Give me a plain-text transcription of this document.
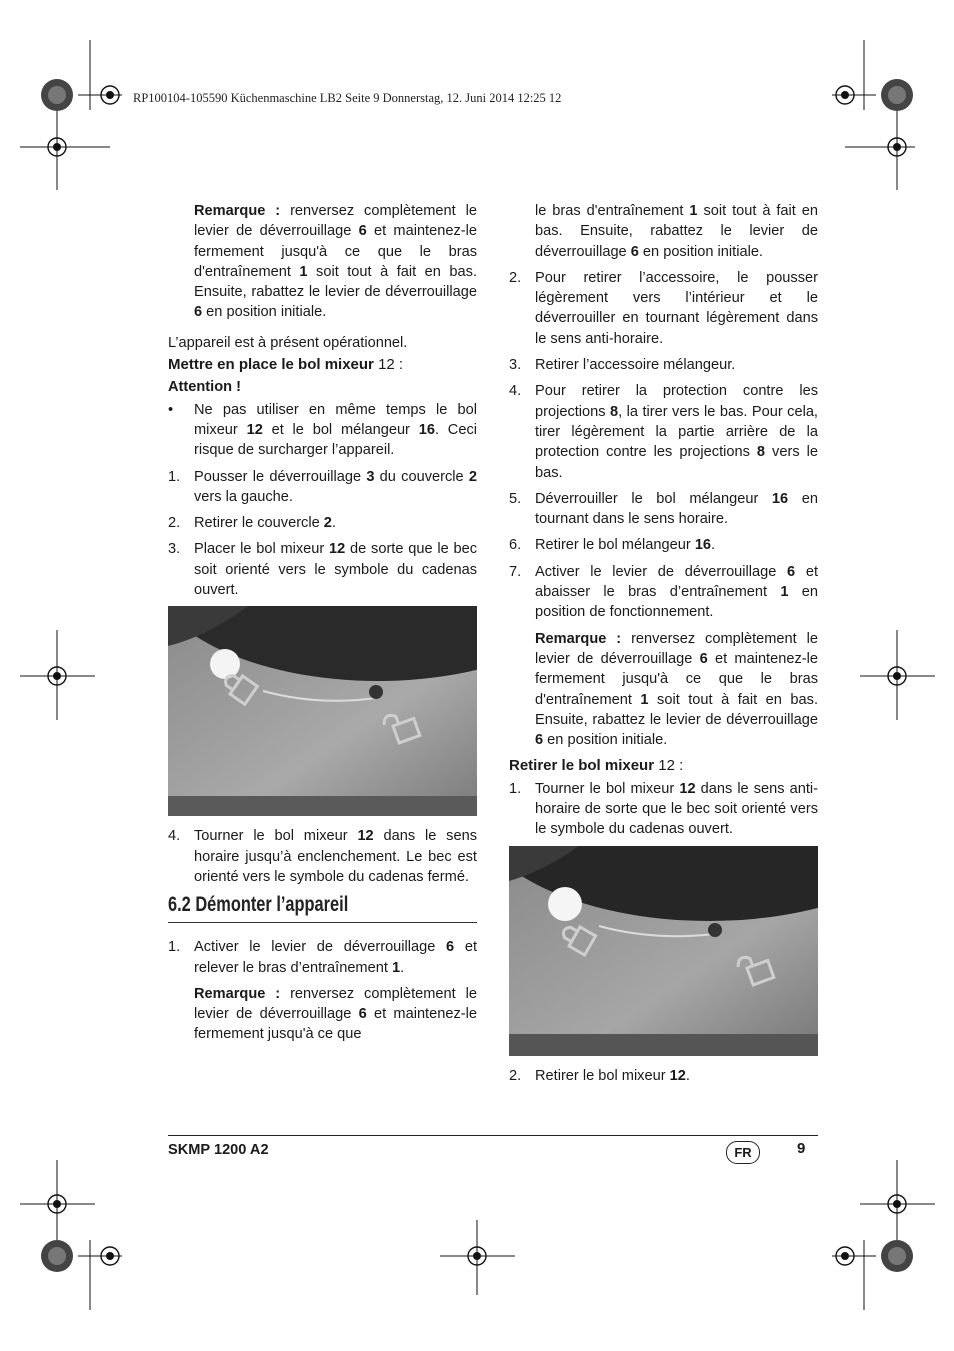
RP100104-105590 Küchenmaschine LB2 Seite 9 Donnerstag, 12. Juni 2014 12:25 12

Remarque : renversez complètement le levier de déverrouillage 6 et maintenez-le fermement jusqu'à ce que le bras d'entraînement 1 soit tout à fait en bas. Ensuite, rabattez le levier de déverrouillage 6 en position initiale.

L’appareil est à présent opérationnel.

Mettre en place le bol mixeur 12 :
Attention !
•	Ne pas utiliser en même temps le bol mixeur 12 et le bol mélangeur 16. Ceci risque de surcharger l’appareil.
1. Pousser le déverrouillage 3 du couvercle 2 vers la gauche.
2. Retirer le couvercle 2.
3. Placer le bol mixeur 12 de sorte que le bec soit orienté vers le symbole du cadenas ouvert.
4. Tourner le bol mixeur 12 dans le sens horaire jusqu’à enclenchement. Le bec est orienté vers le symbole du cadenas fermé.
6.2 Démonter l’appareil
1. Activer le levier de déverrouillage 6 et relever le bras d’entraînement 1.

Remarque : renversez complètement le levier de déverrouillage 6 et maintenez-le fermement jusqu'à ce que

le bras d'entraînement 1 soit tout à fait en bas. Ensuite, rabattez le levier de déverrouillage 6 en position initiale.

2. Pour retirer l’accessoire, le pousser légèrement vers l’intérieur et le déverrouiller en tournant légèrement dans le sens anti-horaire.
3. Retirer l’accessoire mélangeur.
4. Pour retirer la protection contre les projections 8, la tirer vers le bas. Pour cela, tirer légèrement la partie arrière de la protection contre les projections 8 vers le bas.
5. Déverrouiller le bol mélangeur 16 en tournant dans le sens horaire.
6. Retirer le bol mélangeur 16.
7. Activer le levier de déverrouillage 6 et abaisser le bras d’entraînement 1 en position de fonctionnement.

Remarque : renversez complètement le levier de déverrouillage 6 et maintenez-le fermement jusqu'à ce que le bras d'entraînement 1 soit tout à fait en bas. Ensuite, rabattez le levier de déverrouillage 6 en position initiale.

Retirer le bol mixeur 12 :
1. Tourner le bol mixeur 12 dans le sens anti-horaire de sorte que le bec soit orienté vers le symbole du cadenas ouvert.
2. Retirer le bol mixeur 12.
SKMP 1200 A2	FR	9
